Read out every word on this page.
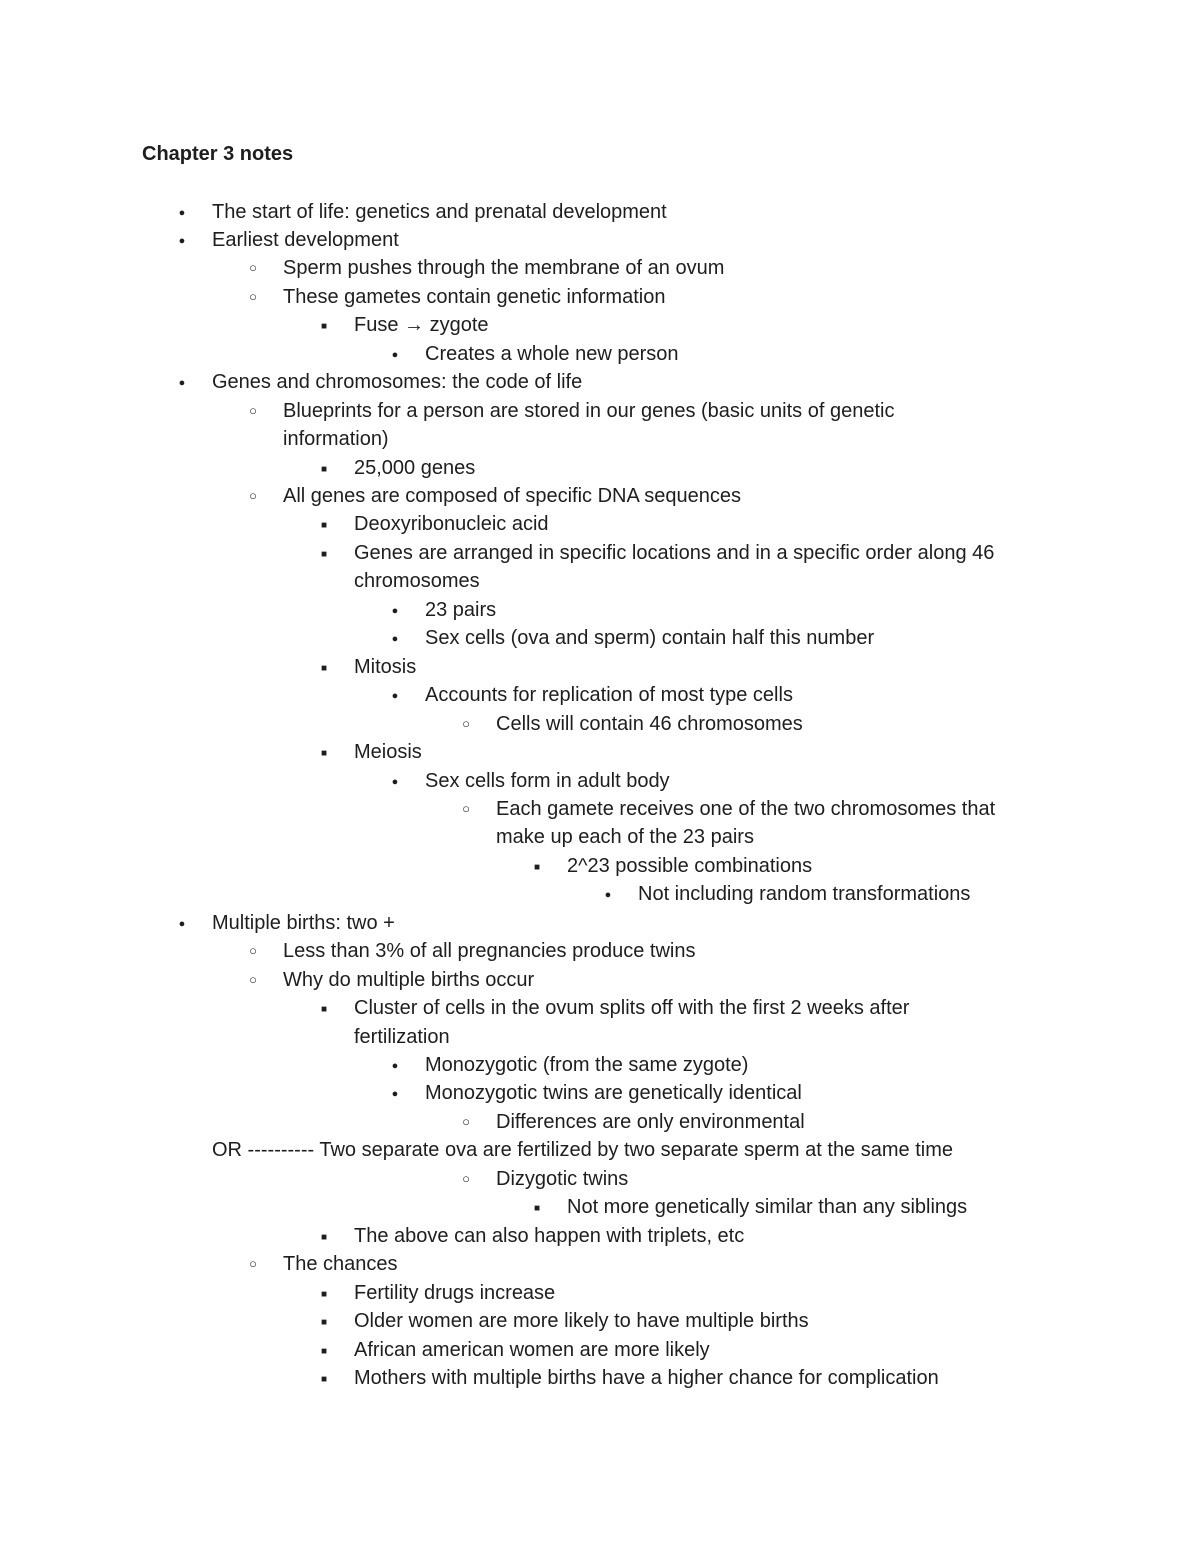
Chapter 3 notes
●
The start of life: genetics and prenatal development
●
Earliest development
○
Sperm pushes through the membrane of an ovum
○
These gametes contain genetic information
■
Fuse → zygote
●
Creates a whole new person
●
Genes and chromosomes: the code of life
○
Blueprints for a person are stored in our genes (basic units of genetic
information)
■
25,000 genes
○
All genes are composed of specific DNA sequences
■
Deoxyribonucleic acid
■
Genes are arranged in specific locations and in a specific order along 46
chromosomes
●
23 pairs
●
Sex cells (ova and sperm) contain half this number
■
Mitosis
●
Accounts for replication of most type cells
○
Cells will contain 46 chromosomes
■
Meiosis
●
Sex cells form in adult body
○
Each gamete receives one of the two chromosomes that
make up each of the 23 pairs
■
2^23 possible combinations
●
Not including random transformations
●
Multiple births: two +
○
Less than 3% of all pregnancies produce twins
○
Why do multiple births occur
■
Cluster of cells in the ovum splits off with the first 2 weeks after
fertilization
●
Monozygotic (from the same zygote)
●
Monozygotic twins are genetically identical
○
Differences are only environmental
OR ---------- Two separate ova are fertilized by two separate sperm at the same time
○
Dizygotic twins
■
Not more genetically similar than any siblings
■
The above can also happen with triplets, etc
○
The chances
■
Fertility drugs increase
■
Older women are more likely to have multiple births
■
African american women are more likely
■
Mothers with multiple births have a higher chance for complication
